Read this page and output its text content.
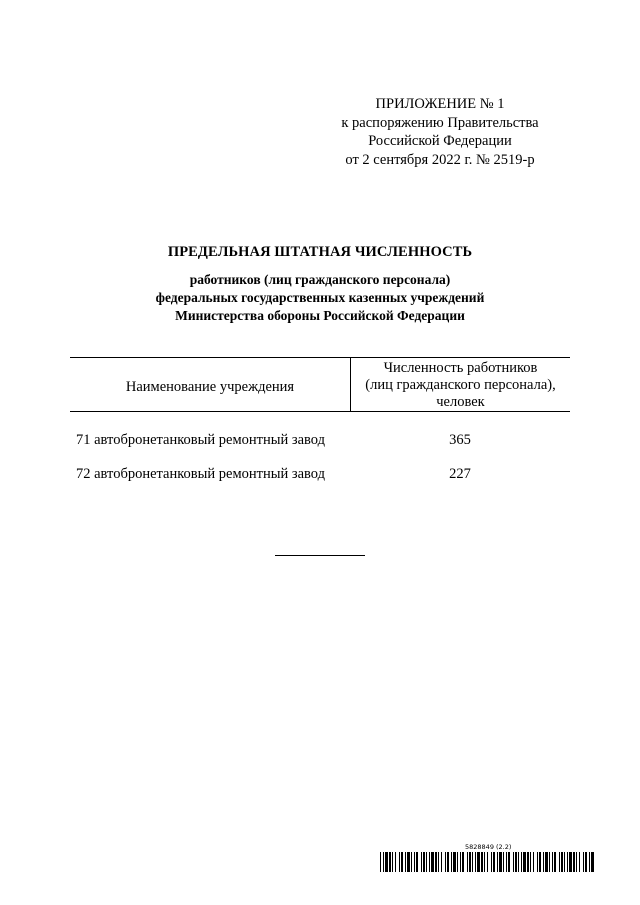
ПРИЛОЖЕНИЕ № 1
к распоряжению Правительства
Российской Федерации
от 2 сентября 2022 г. № 2519-р
ПРЕДЕЛЬНАЯ ШТАТНАЯ ЧИСЛЕННОСТЬ
работников (лиц гражданского персонала)
федеральных государственных казенных учреждений
Министерства обороны Российской Федерации
Наименование учреждения
Численность работников
(лиц гражданского персонала),
человек
71 автобронетанковый ремонтный завод	365
72 автобронетанковый ремонтный завод	227
5828849 (2.2)
